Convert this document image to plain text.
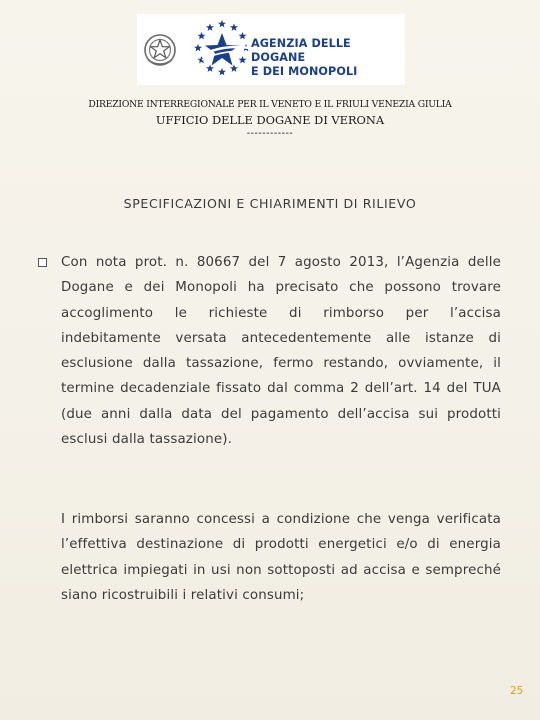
AGENZIA DELLE DOGANE
E DEI MONOPOLI
DIREZIONE INTERREGIONALE PER IL VENETO E IL FRIULI VENEZIA GIULIA
UFFICIO DELLE DOGANE DI VERONA
------------
SPECIFICAZIONI E CHIARIMENTI DI RILIEVO

Con nota prot. n. 80667 del 7 agosto 2013, l’Agenzia delle Dogane e dei Monopoli ha precisato che possono trovare accoglimento le richieste di rimborso per l’accisa indebitamente versata antecedentemente alle istanze di esclusione dalla tassazione, fermo restando, ovviamente, il termine decadenziale fissato dal comma 2 dell’art. 14 del TUA (due anni dalla data del pagamento dell’accisa sui prodotti esclusi dalla tassazione).

I rimborsi saranno concessi a condizione che venga verificata l’effettiva destinazione di prodotti energetici e/o di energia elettrica impiegati in usi non sottoposti ad accisa e sempreché siano ricostruibili i relativi consumi;

25
